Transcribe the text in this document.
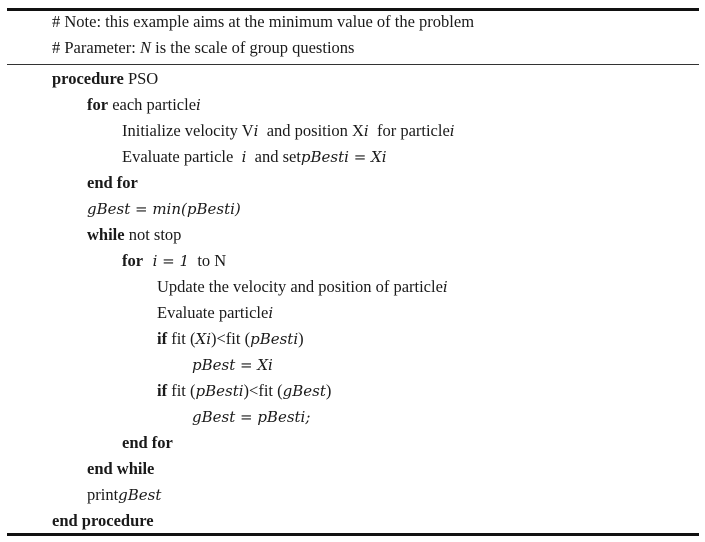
# Note: this example aims at the minimum value of the problem
# Parameter: N is the scale of group questions
procedure PSO
for each particlei
Initialize velocity Vi  and position Xi  for particlei
Evaluate particle  i  and setpBesti = Xi
end for
gBest = min(pBesti)
while not stop
for  i = 1  to N
Update the velocity and position of particlei
Evaluate particlei
if fit (Xi)<fit (pBesti)
pBest = Xi
if fit (pBesti)<fit (gBest)
gBest = pBesti;
end for
end while
printgBest
end procedure
